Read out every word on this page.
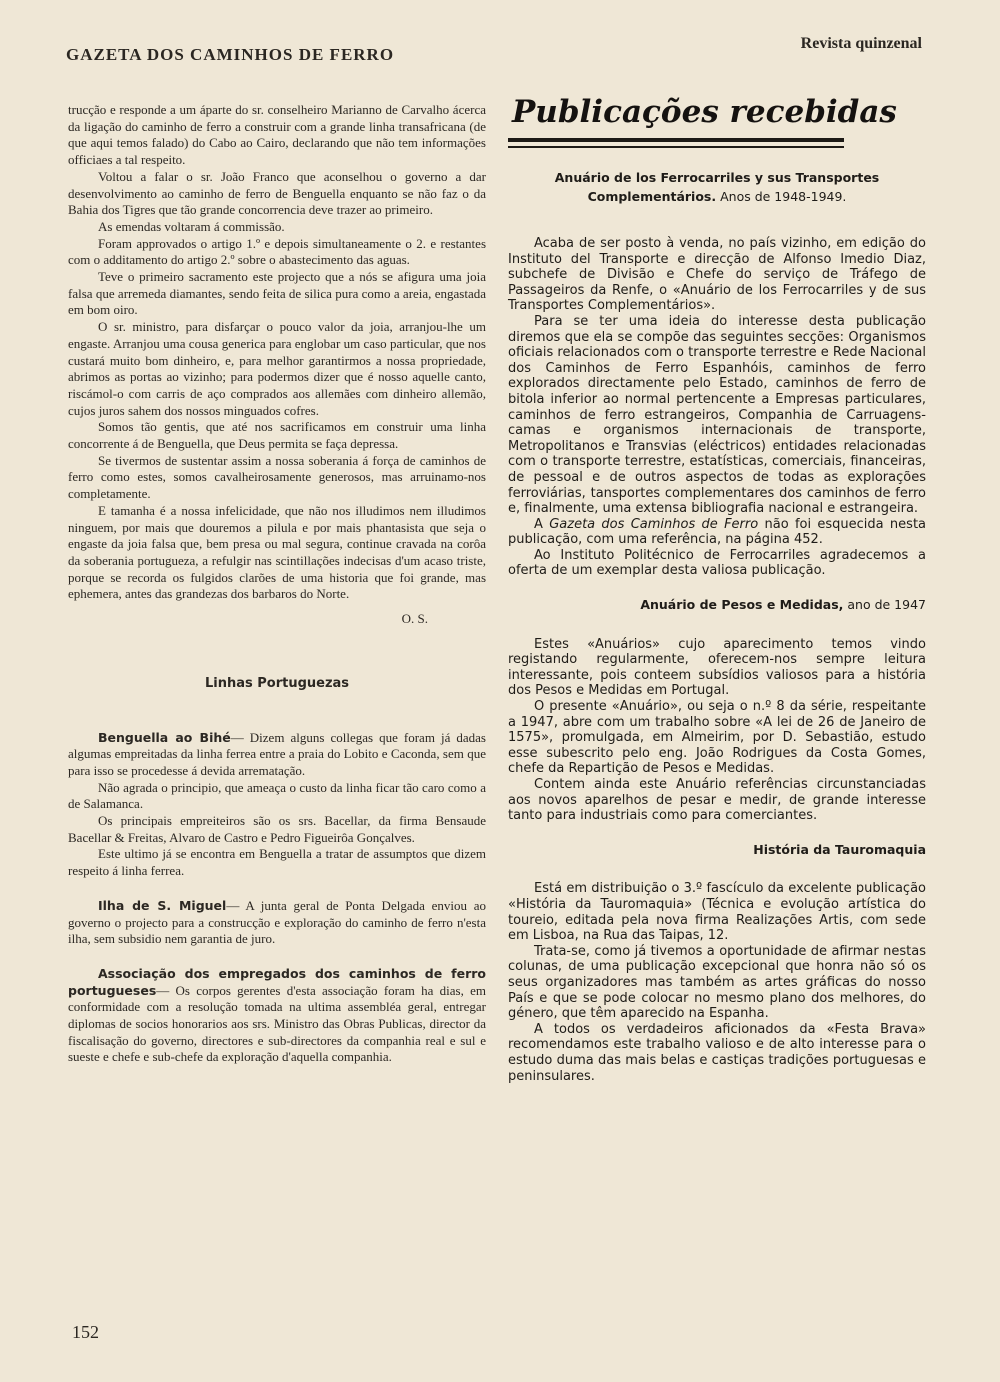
GAZETA DOS CAMINHOS DE FERRO
Revista quinzenal

trucção e responde a um áparte do sr. conselheiro Marianno de Carvalho ácerca da ligação do caminho de ferro a construir com a grande linha transafricana (de que aqui temos falado) do Cabo ao Cairo, declarando que não tem informações officiaes a tal respeito.

Voltou a falar o sr. João Franco que aconselhou o governo a dar desenvolvimento ao caminho de ferro de Benguella enquanto se não faz o da Bahia dos Tigres que tão grande concorrencia deve trazer ao primeiro.

As emendas voltaram á commissão.

Foram approvados o artigo 1.º e depois simultaneamente o 2. e restantes com o additamento do artigo 2.º sobre o abastecimento das aguas.

Teve o primeiro sacramento este projecto que a nós se afigura uma joia falsa que arremeda diamantes, sendo feita de silica pura como a areia, engastada em bom oiro.

O sr. ministro, para disfarçar o pouco valor da joia, arranjou-lhe um engaste. Arranjou uma cousa generica para englobar um caso particular, que nos custará muito bom dinheiro, e, para melhor garantirmos a nossa propriedade, abrimos as portas ao vizinho; para podermos dizer que é nosso aquelle canto, riscámol-o com carris de aço comprados aos allemães com dinheiro allemão, cujos juros sahem dos nossos minguados cofres.

Somos tão gentis, que até nos sacrificamos em construir uma linha concorrente á de Benguella, que Deus permita se faça depressa.

Se tivermos de sustentar assim a nossa soberania á força de caminhos de ferro como estes, somos cavalheirosamente generosos, mas arruinamo-nos completamente.

E tamanha é a nossa infelicidade, que não nos illudimos nem illudimos ninguem, por mais que douremos a pilula e por mais phantasista que seja o engaste da joia falsa que, bem presa ou mal segura, continue cravada na corôa da soberania portugueza, a refulgir nas scintillações indecisas d'um acaso triste, porque se recorda os fulgidos clarões de uma historia que foi grande, mas ephemera, antes das grandezas dos barbaros do Norte.

O. S.
Linhas Portuguezas

Benguella ao Bihé— Dizem alguns collegas que foram já dadas algumas empreitadas da linha ferrea entre a praia do Lobito e Caconda, sem que para isso se procedesse á devida arrematação.

Não agrada o principio, que ameaça o custo da linha ficar tão caro como a de Salamanca.

Os principais empreiteiros são os srs. Bacellar, da firma Bensaude Bacellar & Freitas, Alvaro de Castro e Pedro Figueirôa Gonçalves.

Este ultimo já se encontra em Benguella a tratar de assumptos que dizem respeito á linha ferrea.

Ilha de S. Miguel— A junta geral de Ponta Delgada enviou ao governo o projecto para a construcção e exploração do caminho de ferro n'esta ilha, sem subsidio nem garantia de juro.

Associação dos empregados dos caminhos de ferro portugueses— Os corpos gerentes d'esta associação foram ha dias, em conformidade com a resolução tomada na ultima assembléa geral, entregar diplomas de socios honorarios aos srs. Ministro das Obras Publicas, director da fiscalisação do governo, directores e sub-directores da companhia real e sul e sueste e chefe e sub-chefe da exploração d'aquella companhia.

Publicações recebidas
Anuário de los Ferrocarriles y sus Transportes Complementários. Anos de 1948-1949.

Acaba de ser posto à venda, no país vizinho, em edição do Instituto del Transporte e direcção de Alfonso Imedio Diaz, subchefe de Divisão e Chefe do serviço de Tráfego de Passageiros da Renfe, o «Anuário de los Ferrocarriles y de sus Transportes Complementários».

Para se ter uma ideia do interesse desta publicação diremos que ela se compõe das seguintes secções: Organismos oficiais relacionados com o transporte terrestre e Rede Nacional dos Caminhos de Ferro Espanhóis, caminhos de ferro explorados directamente pelo Estado, caminhos de ferro de bitola inferior ao normal pertencente a Empresas particulares, caminhos de ferro estrangeiros, Companhia de Carruagens-camas e organismos internacionais de transporte, Metropolitanos e Transvias (eléctricos) entidades relacionadas com o transporte terrestre, estatísticas, comerciais, financeiras, de pessoal e de outros aspectos de todas as explorações ferroviárias, tansportes complementares dos caminhos de ferro e, finalmente, uma extensa bibliografia nacional e estrangeira.

A Gazeta dos Caminhos de Ferro não foi esquecida nesta publicação, com uma referência, na página 452.

Ao Instituto Politécnico de Ferrocarriles agradecemos a oferta de um exemplar desta valiosa publicação.

Anuário de Pesos e Medidas, ano de 1947

Estes «Anuários» cujo aparecimento temos vindo registando regularmente, oferecem-nos sempre leitura interessante, pois conteem subsídios valiosos para a história dos Pesos e Medidas em Portugal.

O presente «Anuário», ou seja o n.º 8 da série, respeitante a 1947, abre com um trabalho sobre «A lei de 26 de Janeiro de 1575», promulgada, em Almeirim, por D. Sebastião, estudo esse subescrito pelo eng. João Rodrigues da Costa Gomes, chefe da Repartição de Pesos e Medidas.

Contem ainda este Anuário referências circunstanciadas aos novos aparelhos de pesar e medir, de grande interesse tanto para industriais como para comerciantes.

História da Tauromaquia

Está em distribuição o 3.º fascículo da excelente publicação «História da Tauromaquia» (Técnica e evolução artística do toureio, editada pela nova firma Realizações Artis, com sede em Lisboa, na Rua das Taipas, 12.

Trata-se, como já tivemos a oportunidade de afirmar nestas colunas, de uma publicação excepcional que honra não só os seus organizadores mas também as artes gráficas do nosso País e que se pode colocar no mesmo plano dos melhores, do género, que têm aparecido na Espanha.

A todos os verdadeiros aficionados da «Festa Brava» recomendamos este trabalho valioso e de alto interesse para o estudo duma das mais belas e castiças tradições portuguesas e peninsulares.

152
